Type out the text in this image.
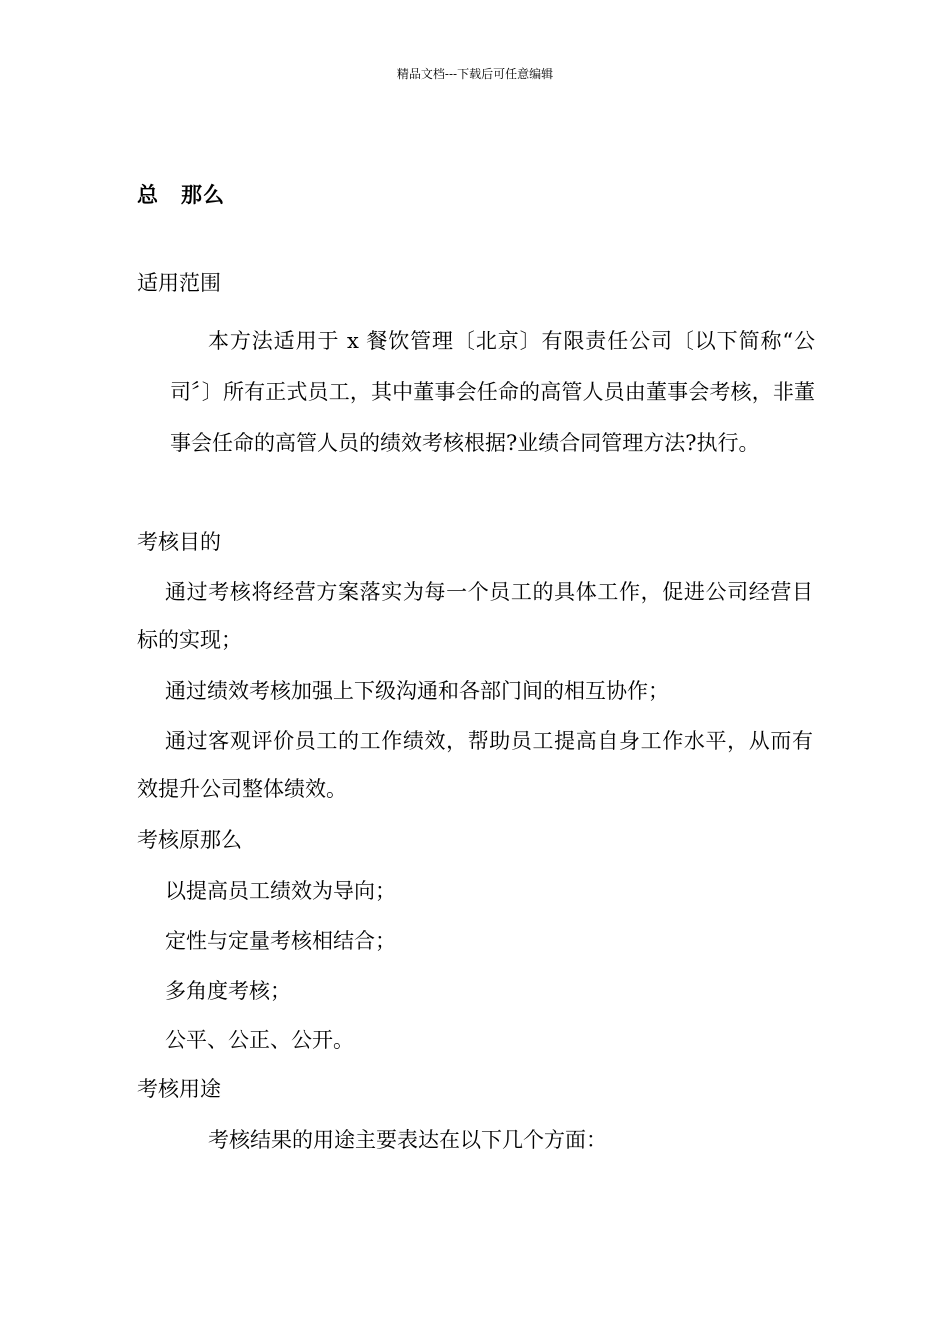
精品文档---下载后可任意编辑
总　那么
适用范围

本方法适用于 x 餐饮管理〔北京〕有限责任公司〔以下简称“公司〞〕所有正式员工，其中董事会任命的高管人员由董事会考核，非董事会任命的高管人员的绩效考核根据?业绩合同管理方法?执行。

考核目的

通过考核将经营方案落实为每一个员工的具体工作，促进公司经营目标的实现；

通过绩效考核加强上下级沟通和各部门间的相互协作；

通过客观评价员工的工作绩效，帮助员工提高自身工作水平，从而有效提升公司整体绩效。

考核原那么
以提高员工绩效为导向；
定性与定量考核相结合；
多角度考核；
公平、公正、公开。
考核用途
考核结果的用途主要表达在以下几个方面：
